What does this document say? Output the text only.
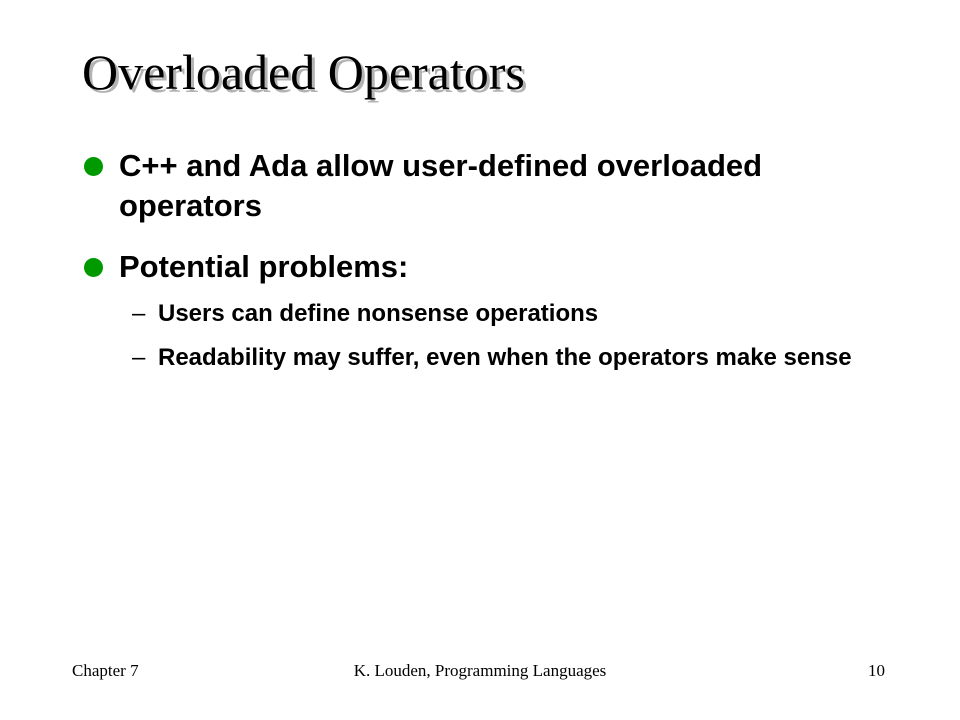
Overloaded Operators
C++ and Ada allow user-defined overloaded operators
Potential problems:
– Users can define nonsense operations
– Readability may suffer, even when the operators make sense
Chapter 7	K. Louden, Programming Languages	10
